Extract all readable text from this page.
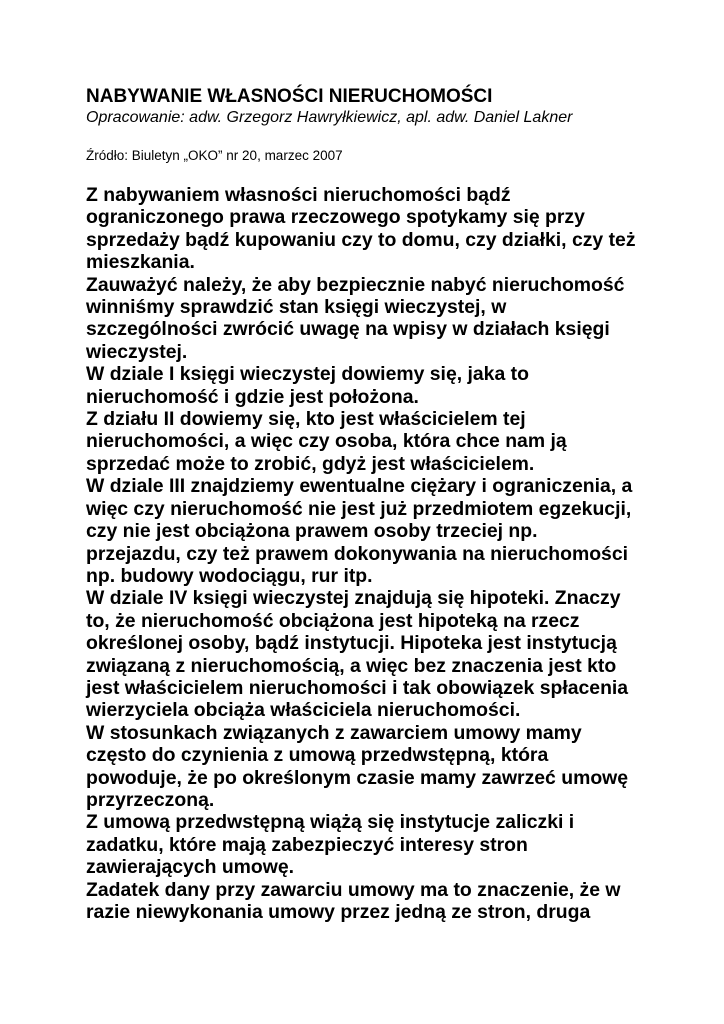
NABYWANIE WŁASNOŚCI NIERUCHOMOŚCI

Opracowanie: adw. Grzegorz Hawryłkiewicz, apl. adw. Daniel Lakner

Źródło: Biuletyn „OKO” nr 20, marzec 2007

Z nabywaniem własności nieruchomości bądź
ograniczonego prawa rzeczowego spotykamy się przy
sprzedaży bądź kupowaniu czy to domu, czy działki, czy też
mieszkania.
Zauważyć należy, że aby bezpiecznie nabyć nieruchomość
winniśmy sprawdzić stan księgi wieczystej, w
szczególności zwrócić uwagę na wpisy w działach księgi
wieczystej.
W dziale I księgi wieczystej dowiemy się, jaka to
nieruchomość i gdzie jest położona.
Z działu II dowiemy się, kto jest właścicielem tej
nieruchomości, a więc czy osoba, która chce nam ją
sprzedać może to zrobić, gdyż jest właścicielem.
W dziale III znajdziemy ewentualne ciężary i ograniczenia, a
więc czy nieruchomość nie jest już przedmiotem egzekucji,
czy nie jest obciążona prawem osoby trzeciej np.
przejazdu, czy też prawem dokonywania na nieruchomości
np. budowy wodociągu, rur itp.
W dziale IV księgi wieczystej znajdują się hipoteki. Znaczy
to, że nieruchomość obciążona jest hipoteką na rzecz
określonej osoby, bądź instytucji. Hipoteka jest instytucją
związaną z nieruchomością, a więc bez znaczenia jest kto
jest właścicielem nieruchomości i tak obowiązek spłacenia
wierzyciela obciąża właściciela nieruchomości.
W stosunkach związanych z zawarciem umowy mamy
często do czynienia z umową przedwstępną, która
powoduje, że po określonym czasie mamy zawrzeć umowę
przyrzeczoną.
Z umową przedwstępną wiążą się instytucje zaliczki i
zadatku, które mają zabezpieczyć interesy stron
zawierających umowę.
Zadatek dany przy zawarciu umowy ma to znaczenie, że w
razie niewykonania umowy przez jedną ze stron, druga
